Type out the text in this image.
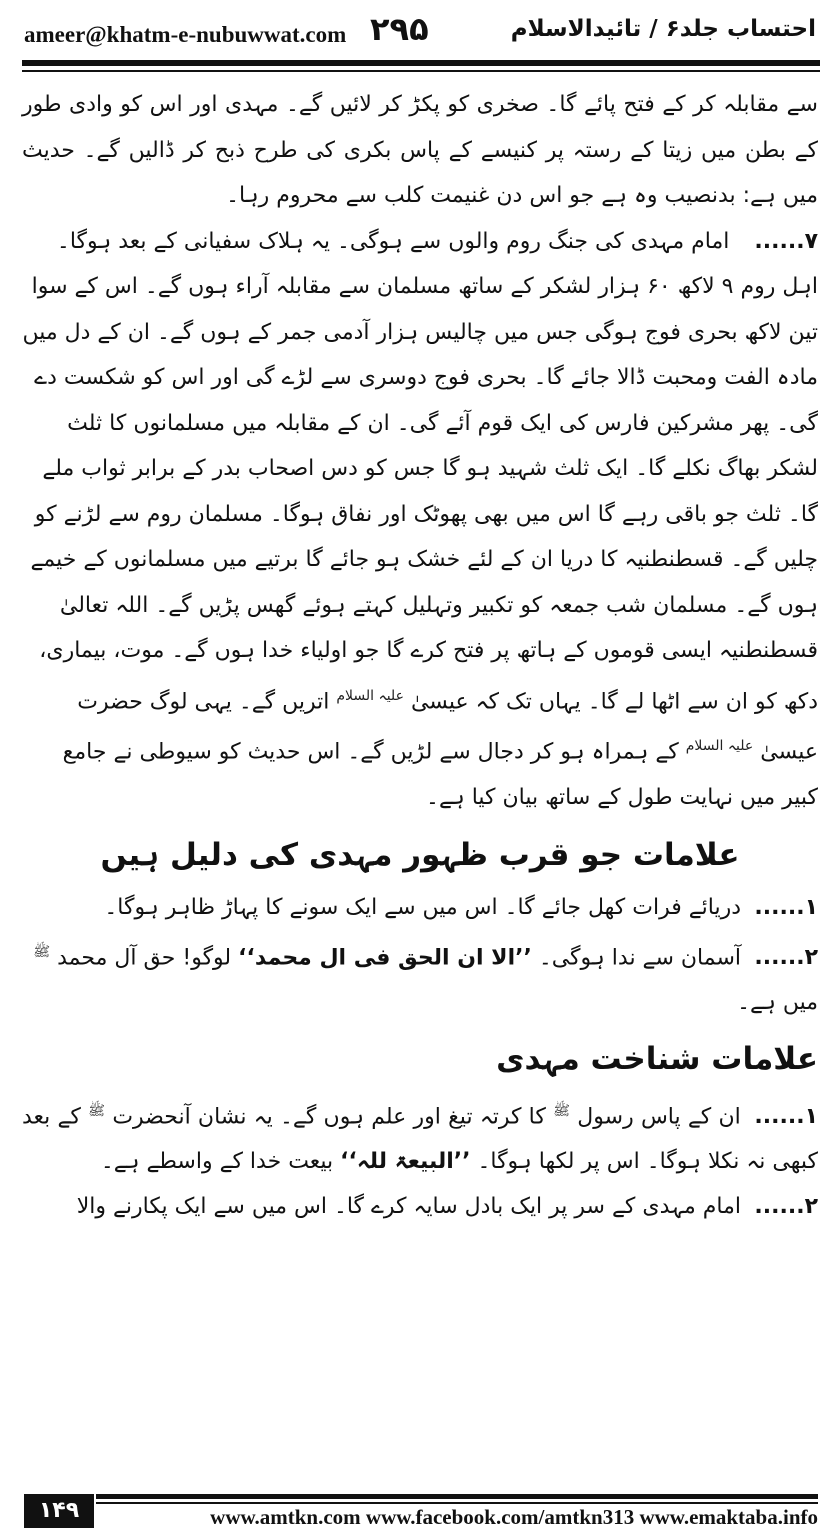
ameer@khatm-e-nubuwwat.com ۲۹۵	احتساب جلد۶ / تائیدالاسلام

سے مقابلہ کر کے فتح پائے گا۔ صخری کو پکڑ کر لائیں گے۔ مہدی اور اس کو وادی طور کے بطن میں زیتا کے رستہ پر کنیسے کے پاس بکری کی طرح ذبح کر ڈالیں گے۔ حدیث میں ہے: بدنصیب وہ ہے جو اس دن غنیمت کلب سے محروم رہا۔

۷...... امام مہدی کی جنگ روم والوں سے ہوگی۔ یہ ہلاک سفیانی کے بعد ہوگا۔ اہل روم ۹ لاکھ ۶۰ ہزار لشکر کے ساتھ مسلمان سے مقابلہ آراء ہوں گے۔ اس کے سوا تین لاکھ بحری فوج ہوگی جس میں چالیس ہزار آدمی جمر کے ہوں گے۔ ان کے دل میں مادہ الفت ومحبت ڈالا جائے گا۔ بحری فوج دوسری سے لڑے گی اور اس کو شکست دے گی۔ پھر مشرکین فارس کی ایک قوم آئے گی۔ ان کے مقابلہ میں مسلمانوں کا ثلث لشکر بھاگ نکلے گا۔ ایک ثلث شہید ہو گا جس کو دس اصحاب بدر کے برابر ثواب ملے گا۔ ثلث جو باقی رہے گا اس میں بھی پھوٹک اور نفاق ہوگا۔ مسلمان روم سے لڑنے کو چلیں گے۔ قسطنطنیہ کا دریا ان کے لئے خشک ہو جائے گا برتیے میں مسلمانوں کے خیمے ہوں گے۔ مسلمان شب جمعہ کو تکبیر وتہلیل کہتے ہوئے گھس پڑیں گے۔ اللہ تعالیٰ قسطنطنیہ ایسی قوموں کے ہاتھ پر فتح کرے گا جو اولیاء خدا ہوں گے۔ موت، بیماری، دکھ کو ان سے اٹھا لے گا۔ یہاں تک کہ عیسیٰ $^{علیہ السلام}$ اتریں گے۔ یہی لوگ حضرت عیسیٰ $^{علیہ السلام}$ کے ہمراہ ہو کر دجال سے لڑیں گے۔ اس حدیث کو سیوطی نے جامع کبیر میں نہایت طول کے ساتھ بیان کیا ہے۔

علامات جو قرب ظہور مہدی کی دلیل ہیں

۱...... دریائے فرات کھل جائے گا۔ اس میں سے ایک سونے کا پہاڑ ظاہر ہوگا۔

۲...... آسمان سے ندا ہوگی۔ ’’الا ان الحق فی ال محمد‘‘ لوگو! حق آل محمد $^ﷺ$
میں ہے۔

علامات شناخت مہدی

۱...... ان کے پاس رسول $^ﷺ$ کا کرتہ تیغ اور علم ہوں گے۔ یہ نشان آنحضرت $^ﷺ$ کے بعد کبھی نہ نکلا ہوگا۔ اس پر لکھا ہوگا۔ ’’البیعۃ للہ‘‘ بیعت خدا کے واسطے ہے۔

۲...... امام مہدی کے سر پر ایک بادل سایہ کرے گا۔ اس میں سے ایک پکارنے والا

۱۴۹	www.amtkn.com www.facebook.com/amtkn313 www.emaktaba.info
